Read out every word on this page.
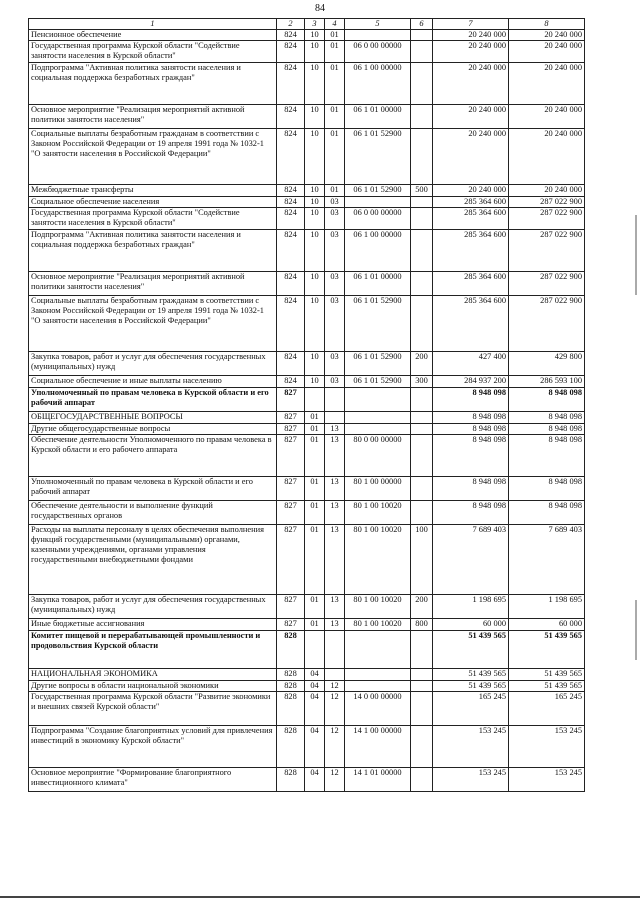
84
1	2	3	4	5	6	7	8
Пенсионное обеспечение	824	10	01			20 240 000	20 240 000
Государственная программа Курской области "Содействие занятости населения в Курской области"	824	10	01	06 0 00 00000		20 240 000	20 240 000
Подпрограмма "Активная политика занятости населения и социальная поддержка безработных граждан"	824	10	01	06 1 00 00000		20 240 000	20 240 000
Основное мероприятие "Реализация мероприятий активной политики занятости населения"	824	10	01	06 1 01 00000		20 240 000	20 240 000
Социальные выплаты безработным гражданам в соответствии с Законом Российской Федерации от 19 апреля 1991 года № 1032-1 "О занятости населения в Российской Федерации"	824	10	01	06 1 01 52900		20 240 000	20 240 000
Межбюджетные трансферты	824	10	01	06 1 01 52900	500	20 240 000	20 240 000
Социальное обеспечение населения	824	10	03			285 364 600	287 022 900
Государственная программа Курской области "Содействие занятости населения в Курской области"	824	10	03	06 0 00 00000		285 364 600	287 022 900
Подпрограмма "Активная политика занятости населения и социальная поддержка безработных граждан"	824	10	03	06 1 00 00000		285 364 600	287 022 900
Основное мероприятие "Реализация мероприятий активной политики занятости населения"	824	10	03	06 1 01 00000		285 364 600	287 022 900
Социальные выплаты безработным гражданам в соответствии с Законом Российской Федерации от 19 апреля 1991 года № 1032-1 "О занятости населения в Российской Федерации"	824	10	03	06 1 01 52900		285 364 600	287 022 900
Закупка товаров, работ и услуг для обеспечения государственных (муниципальных) нужд	824	10	03	06 1 01 52900	200	427 400	429 800
Социальное обеспечение и иные выплаты населению	824	10	03	06 1 01 52900	300	284 937 200	286 593 100
Уполномоченный по правам человека в Курской области и его рабочий аппарат	827					8 948 098	8 948 098
ОБЩЕГОСУДАРСТВЕННЫЕ ВОПРОСЫ	827	01				8 948 098	8 948 098
Другие общегосударственные вопросы	827	01	13			8 948 098	8 948 098
Обеспечение деятельности Уполномоченного по правам человека в Курской области и его рабочего аппарата	827	01	13	80 0 00 00000		8 948 098	8 948 098
Уполномоченный по правам человека в Курской области и его рабочий аппарат	827	01	13	80 1 00 00000		8 948 098	8 948 098
Обеспечение деятельности и выполнение функций государственных органов	827	01	13	80 1 00 10020		8 948 098	8 948 098
Расходы на выплаты персоналу в целях обеспечения выполнения функций государственными (муниципальными) органами, казенными учреждениями, органами управления государственными внебюджетными фондами	827	01	13	80 1 00 10020	100	7 689 403	7 689 403
Закупка товаров, работ и услуг для обеспечения государственных (муниципальных) нужд	827	01	13	80 1 00 10020	200	1 198 695	1 198 695
Иные бюджетные ассигнования	827	01	13	80 1 00 10020	800	60 000	60 000
Комитет пищевой и перерабатывающей промышленности и продовольствия Курской области	828					51 439 565	51 439 565
НАЦИОНАЛЬНАЯ ЭКОНОМИКА	828	04				51 439 565	51 439 565
Другие вопросы в области национальной экономики	828	04	12			51 439 565	51 439 565
Государственная программа Курской области "Развитие экономики и внешних связей Курской области"	828	04	12	14 0 00 00000		165 245	165 245
Подпрограмма "Создание благоприятных условий для привлечения инвестиций в экономику Курской области"	828	04	12	14 1 00 00000		153 245	153 245
Основное мероприятие "Формирование благоприятного инвестиционного климата"	828	04	12	14 1 01 00000		153 245	153 245
